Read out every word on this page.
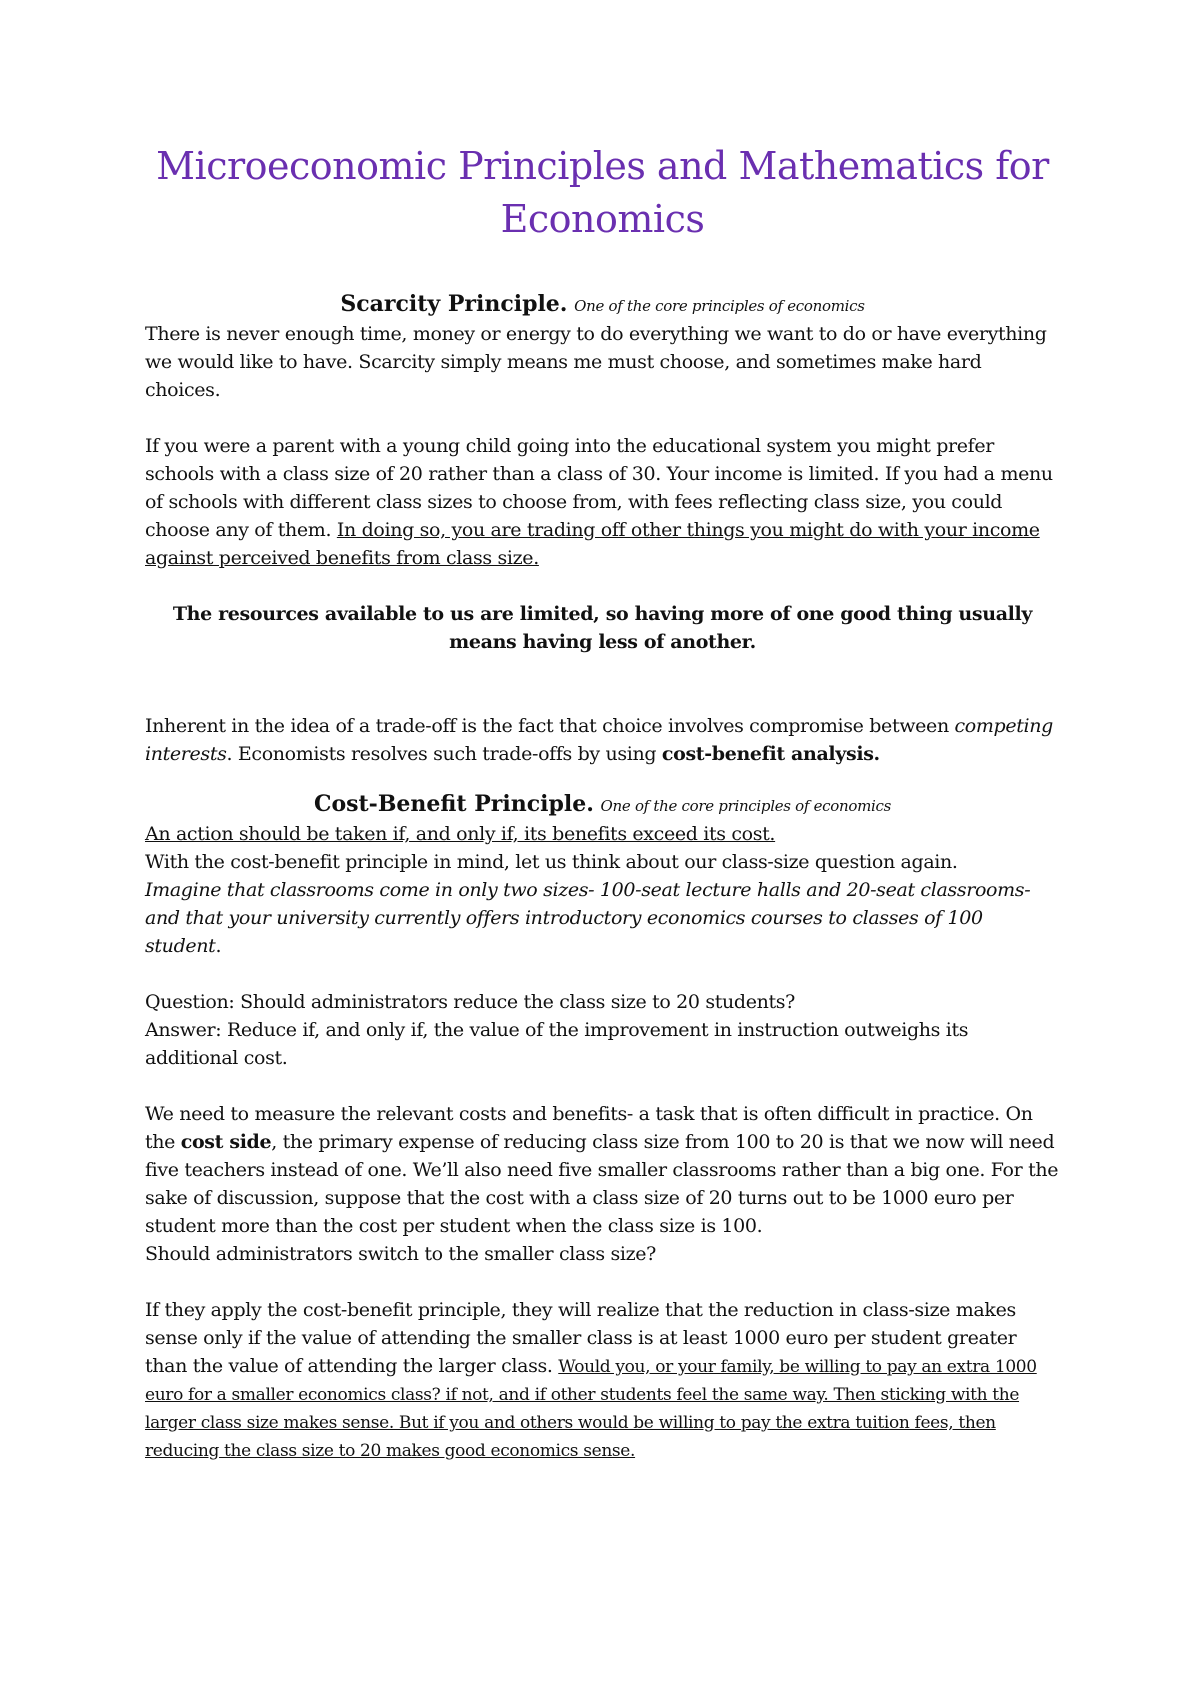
Microeconomic Principles and Mathematics for Economics
Scarcity Principle. One of the core principles of economics

There is never enough time, money or energy to do everything we want to do or have everything we would like to have. Scarcity simply means me must choose, and sometimes make hard choices.

If you were a parent with a young child going into the educational system you might prefer schools with a class size of 20 rather than a class of 30. Your income is limited. If you had a menu of schools with different class sizes to choose from, with fees reflecting class size, you could choose any of them. In doing so, you are trading off other things you might do with your income against perceived benefits from class size.

The resources available to us are limited, so having more of one good thing usually means having less of another.

Inherent in the idea of a trade-off is the fact that choice involves compromise between competing interests. Economists resolves such trade-offs by using cost-benefit analysis.

Cost-Benefit Principle. One of the core principles of economics

An action should be taken if, and only if, its benefits exceed its cost.

With the cost-benefit principle in mind, let us think about our class-size question again.

Imagine that classrooms come in only two sizes- 100-seat lecture halls and 20-seat classrooms- and that your university currently offers introductory economics courses to classes of 100 student.

Question: Should administrators reduce the class size to 20 students?

Answer: Reduce if, and only if, the value of the improvement in instruction outweighs its additional cost.

We need to measure the relevant costs and benefits- a task that is often difficult in practice. On the cost side, the primary expense of reducing class size from 100 to 20 is that we now will need five teachers instead of one. We’ll also need five smaller classrooms rather than a big one. For the sake of discussion, suppose that the cost with a class size of 20 turns out to be 1000 euro per student more than the cost per student when the class size is 100.

Should administrators switch to the smaller class size?

If they apply the cost-benefit principle, they will realize that the reduction in class-size makes sense only if the value of attending the smaller class is at least 1000 euro per student greater than the value of attending the larger class. Would you, or your family, be willing to pay an extra 1000 euro for a smaller economics class? if not, and if other students feel the same way. Then sticking with the larger class size makes sense. But if you and others would be willing to pay the extra tuition fees, then reducing the class size to 20 makes good economics sense.
